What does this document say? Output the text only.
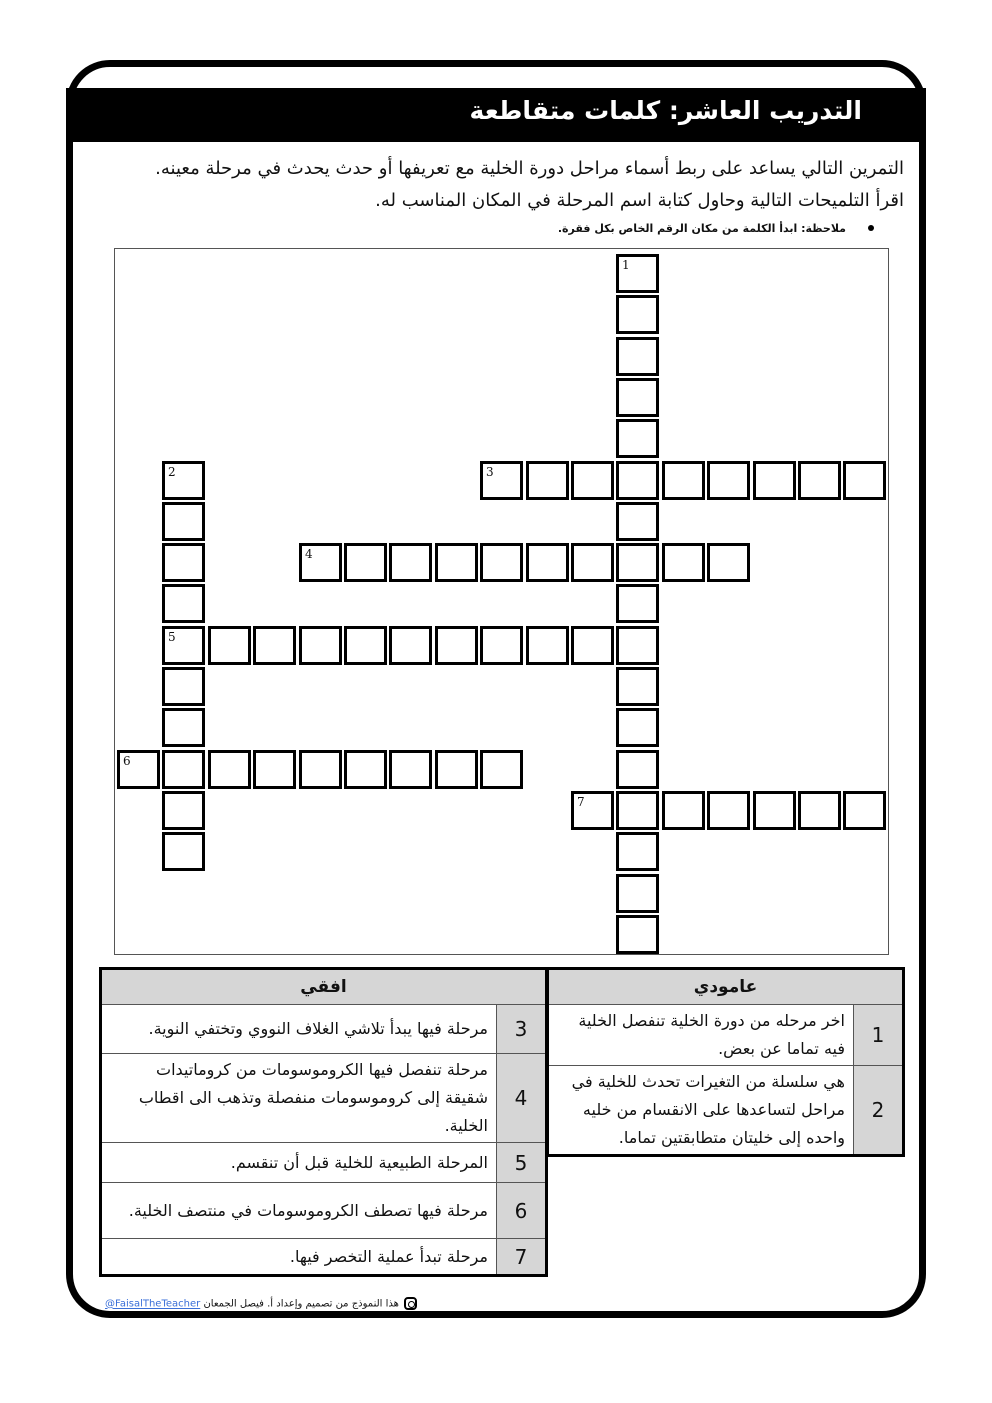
التدريب العاشر: كلمات متقاطعة
التمرين التالي يساعد على ربط أسماء مراحل دورة الخلية مع تعريفها أو حدث يحدث في مرحلة معينه.
اقرأ التلميحات التالية وحاول كتابة اسم المرحلة في المكان المناسب له.
ملاحظة: ابدأ الكلمة من مكان الرقم الخاص بكل فقرة.
1
2
5
3
4
6
7
عامودي	
1	اخر مرحله من دورة الخلية تنفصل الخلية فيه تماما عن بعض.
2	هي سلسلة من التغيرات تحدث للخلية في مراحل لتساعدها على الانقسام من خليه واحده إلى خليتان متطابقتين تماما.
افقي	
3	مرحلة فيها يبدأ تلاشي الغلاف النووي وتختفي النوية.
4	مرحلة تنفصل فيها الكروموسومات من كروماتيدات شقيقة إلى كروموسومات منفصلة وتذهب الى اقطاب الخلية.
5	المرحلة الطبيعية للخلية قبل أن تنقسم.
6	مرحلة فيها تصطف الكروموسومات في منتصف الخلية.
7	مرحلة تبدأ عملية التخصر فيها.
@FaisalTheTeacher هذا النموذج من تصميم وإعداد أ. فيصل الجمعان
